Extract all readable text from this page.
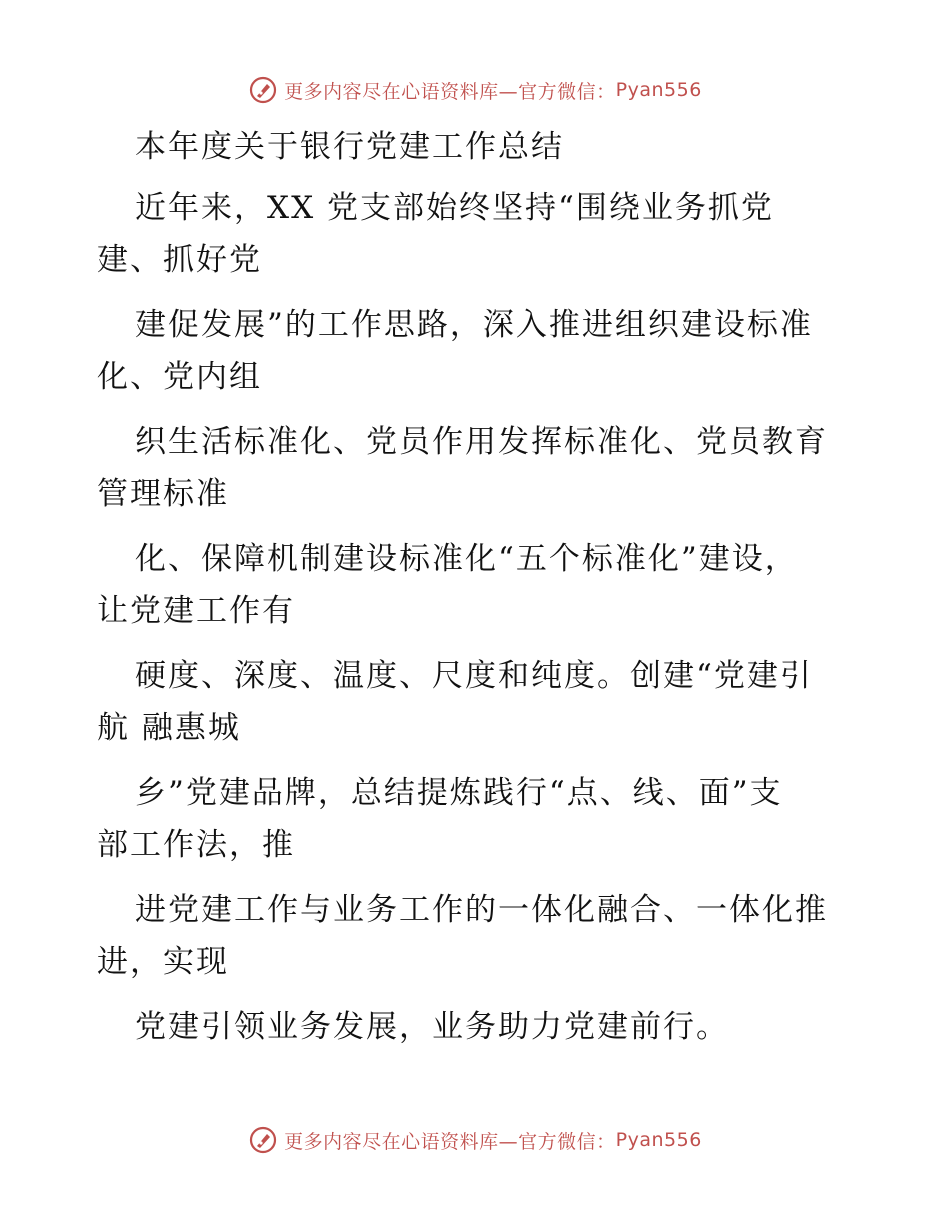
更多内容尽在心语资料库—官方微信： Pyan556
本年度关于银行党建工作总结
近年来，XX 党支部始终坚持“围绕业务抓党
建、抓好党
建促发展”的工作思路，深入推进组织建设标准
化、党内组
织生活标准化、党员作用发挥标准化、党员教育
管理标准
化、保障机制建设标准化“五个标准化”建设，
让党建工作有
硬度、深度、温度、尺度和纯度。创建“党建引
航 融惠城
乡”党建品牌，总结提炼践行“点、线、面”支
部工作法，推
进党建工作与业务工作的一体化融合、一体化推
进，实现
党建引领业务发展，业务助力党建前行。
更多内容尽在心语资料库—官方微信： Pyan556
